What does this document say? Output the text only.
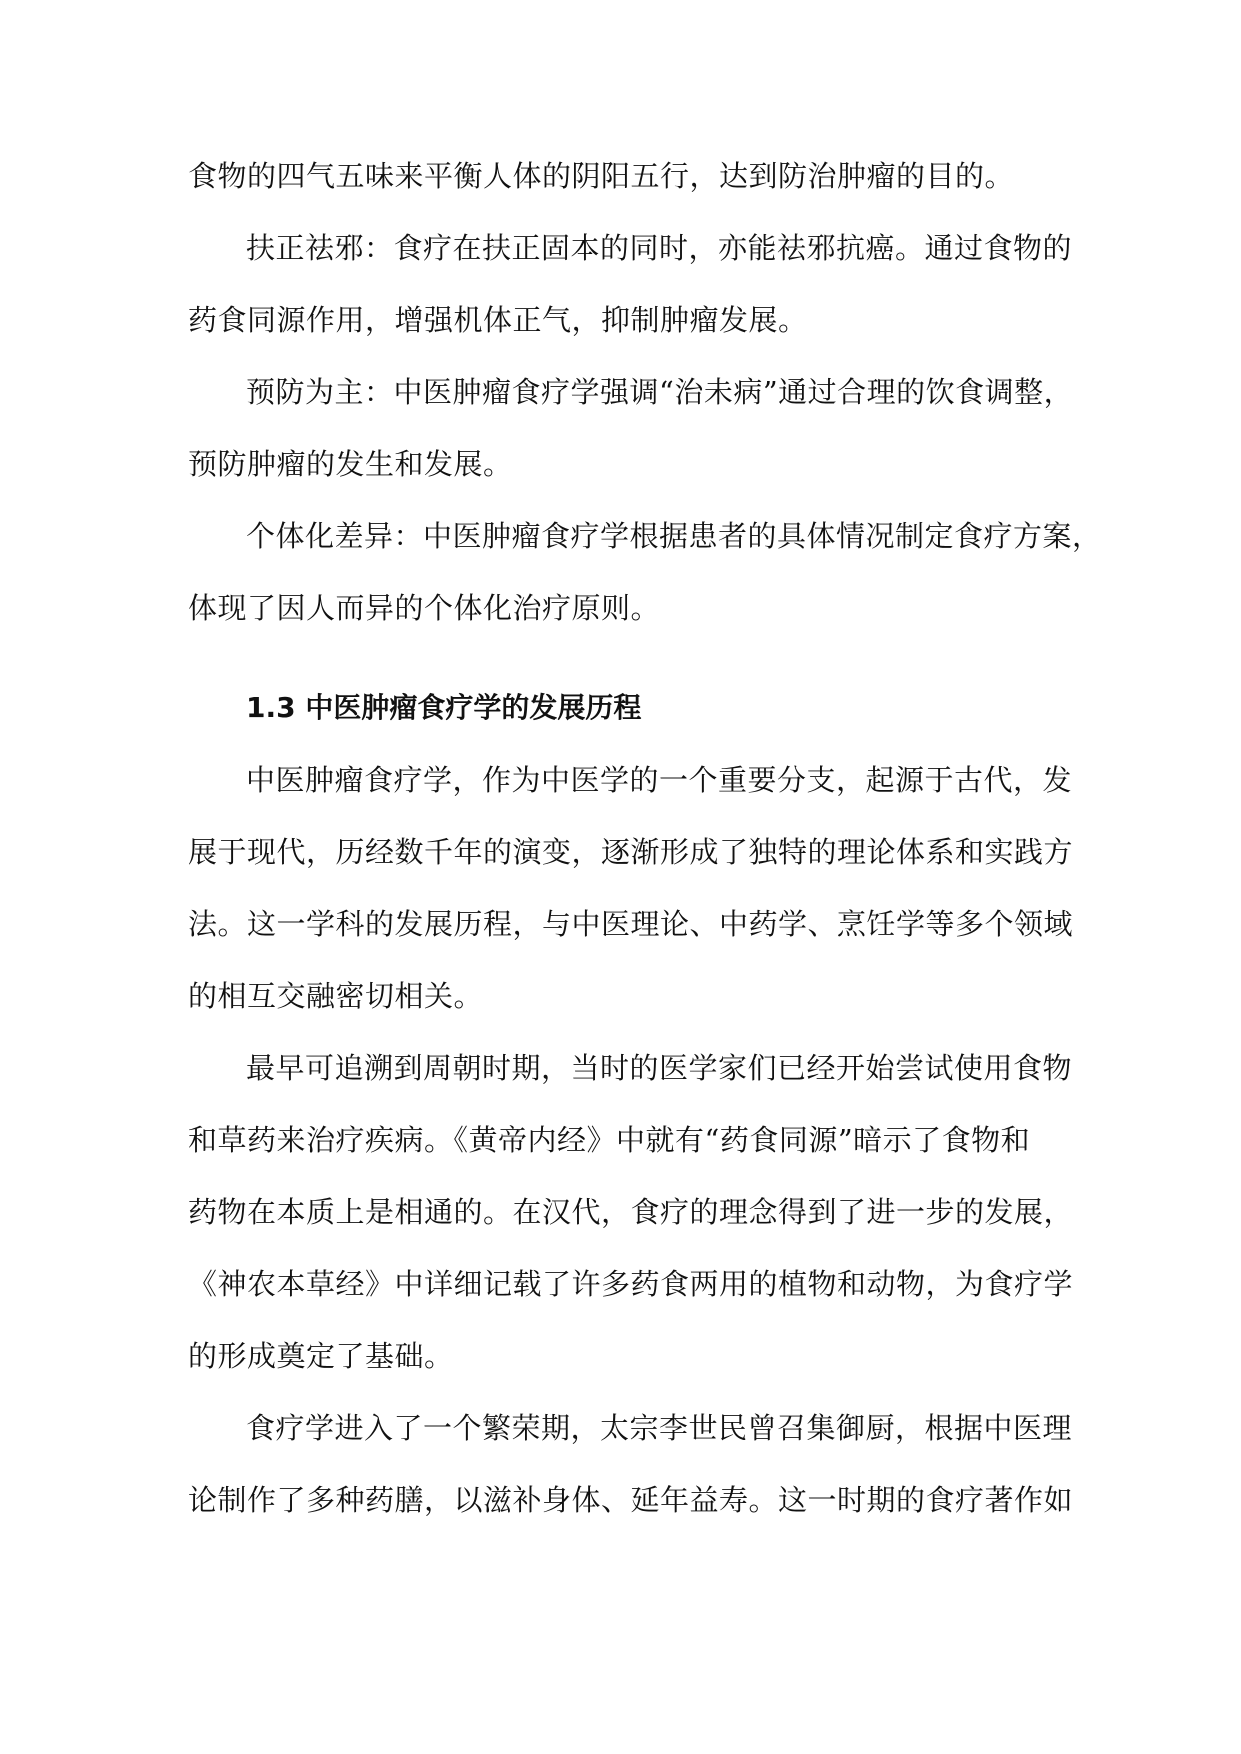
食物的四气五味来平衡人体的阴阳五行，达到防治肿瘤的目的。
扶正祛邪：食疗在扶正固本的同时，亦能祛邪抗癌。通过食物的
药食同源作用，增强机体正气，抑制肿瘤发展。
预防为主：中医肿瘤食疗学强调“治未病”通过合理的饮食调整，
预防肿瘤的发生和发展。
个体化差异：中医肿瘤食疗学根据患者的具体情况制定食疗方案，
体现了因人而异的个体化治疗原则。
1.3 中医肿瘤食疗学的发展历程
中医肿瘤食疗学，作为中医学的一个重要分支，起源于古代，发
展于现代，历经数千年的演变，逐渐形成了独特的理论体系和实践方
法。这一学科的发展历程，与中医理论、中药学、烹饪学等多个领域
的相互交融密切相关。
最早可追溯到周朝时期，当时的医学家们已经开始尝试使用食物
和草药来治疗疾病。《黄帝内经》中就有“药食同源”暗示了食物和
药物在本质上是相通的。在汉代，食疗的理念得到了进一步的发展，
《神农本草经》中详细记载了许多药食两用的植物和动物，为食疗学
的形成奠定了基础。
食疗学进入了一个繁荣期，太宗李世民曾召集御厨，根据中医理
论制作了多种药膳，以滋补身体、延年益寿。这一时期的食疗著作如
